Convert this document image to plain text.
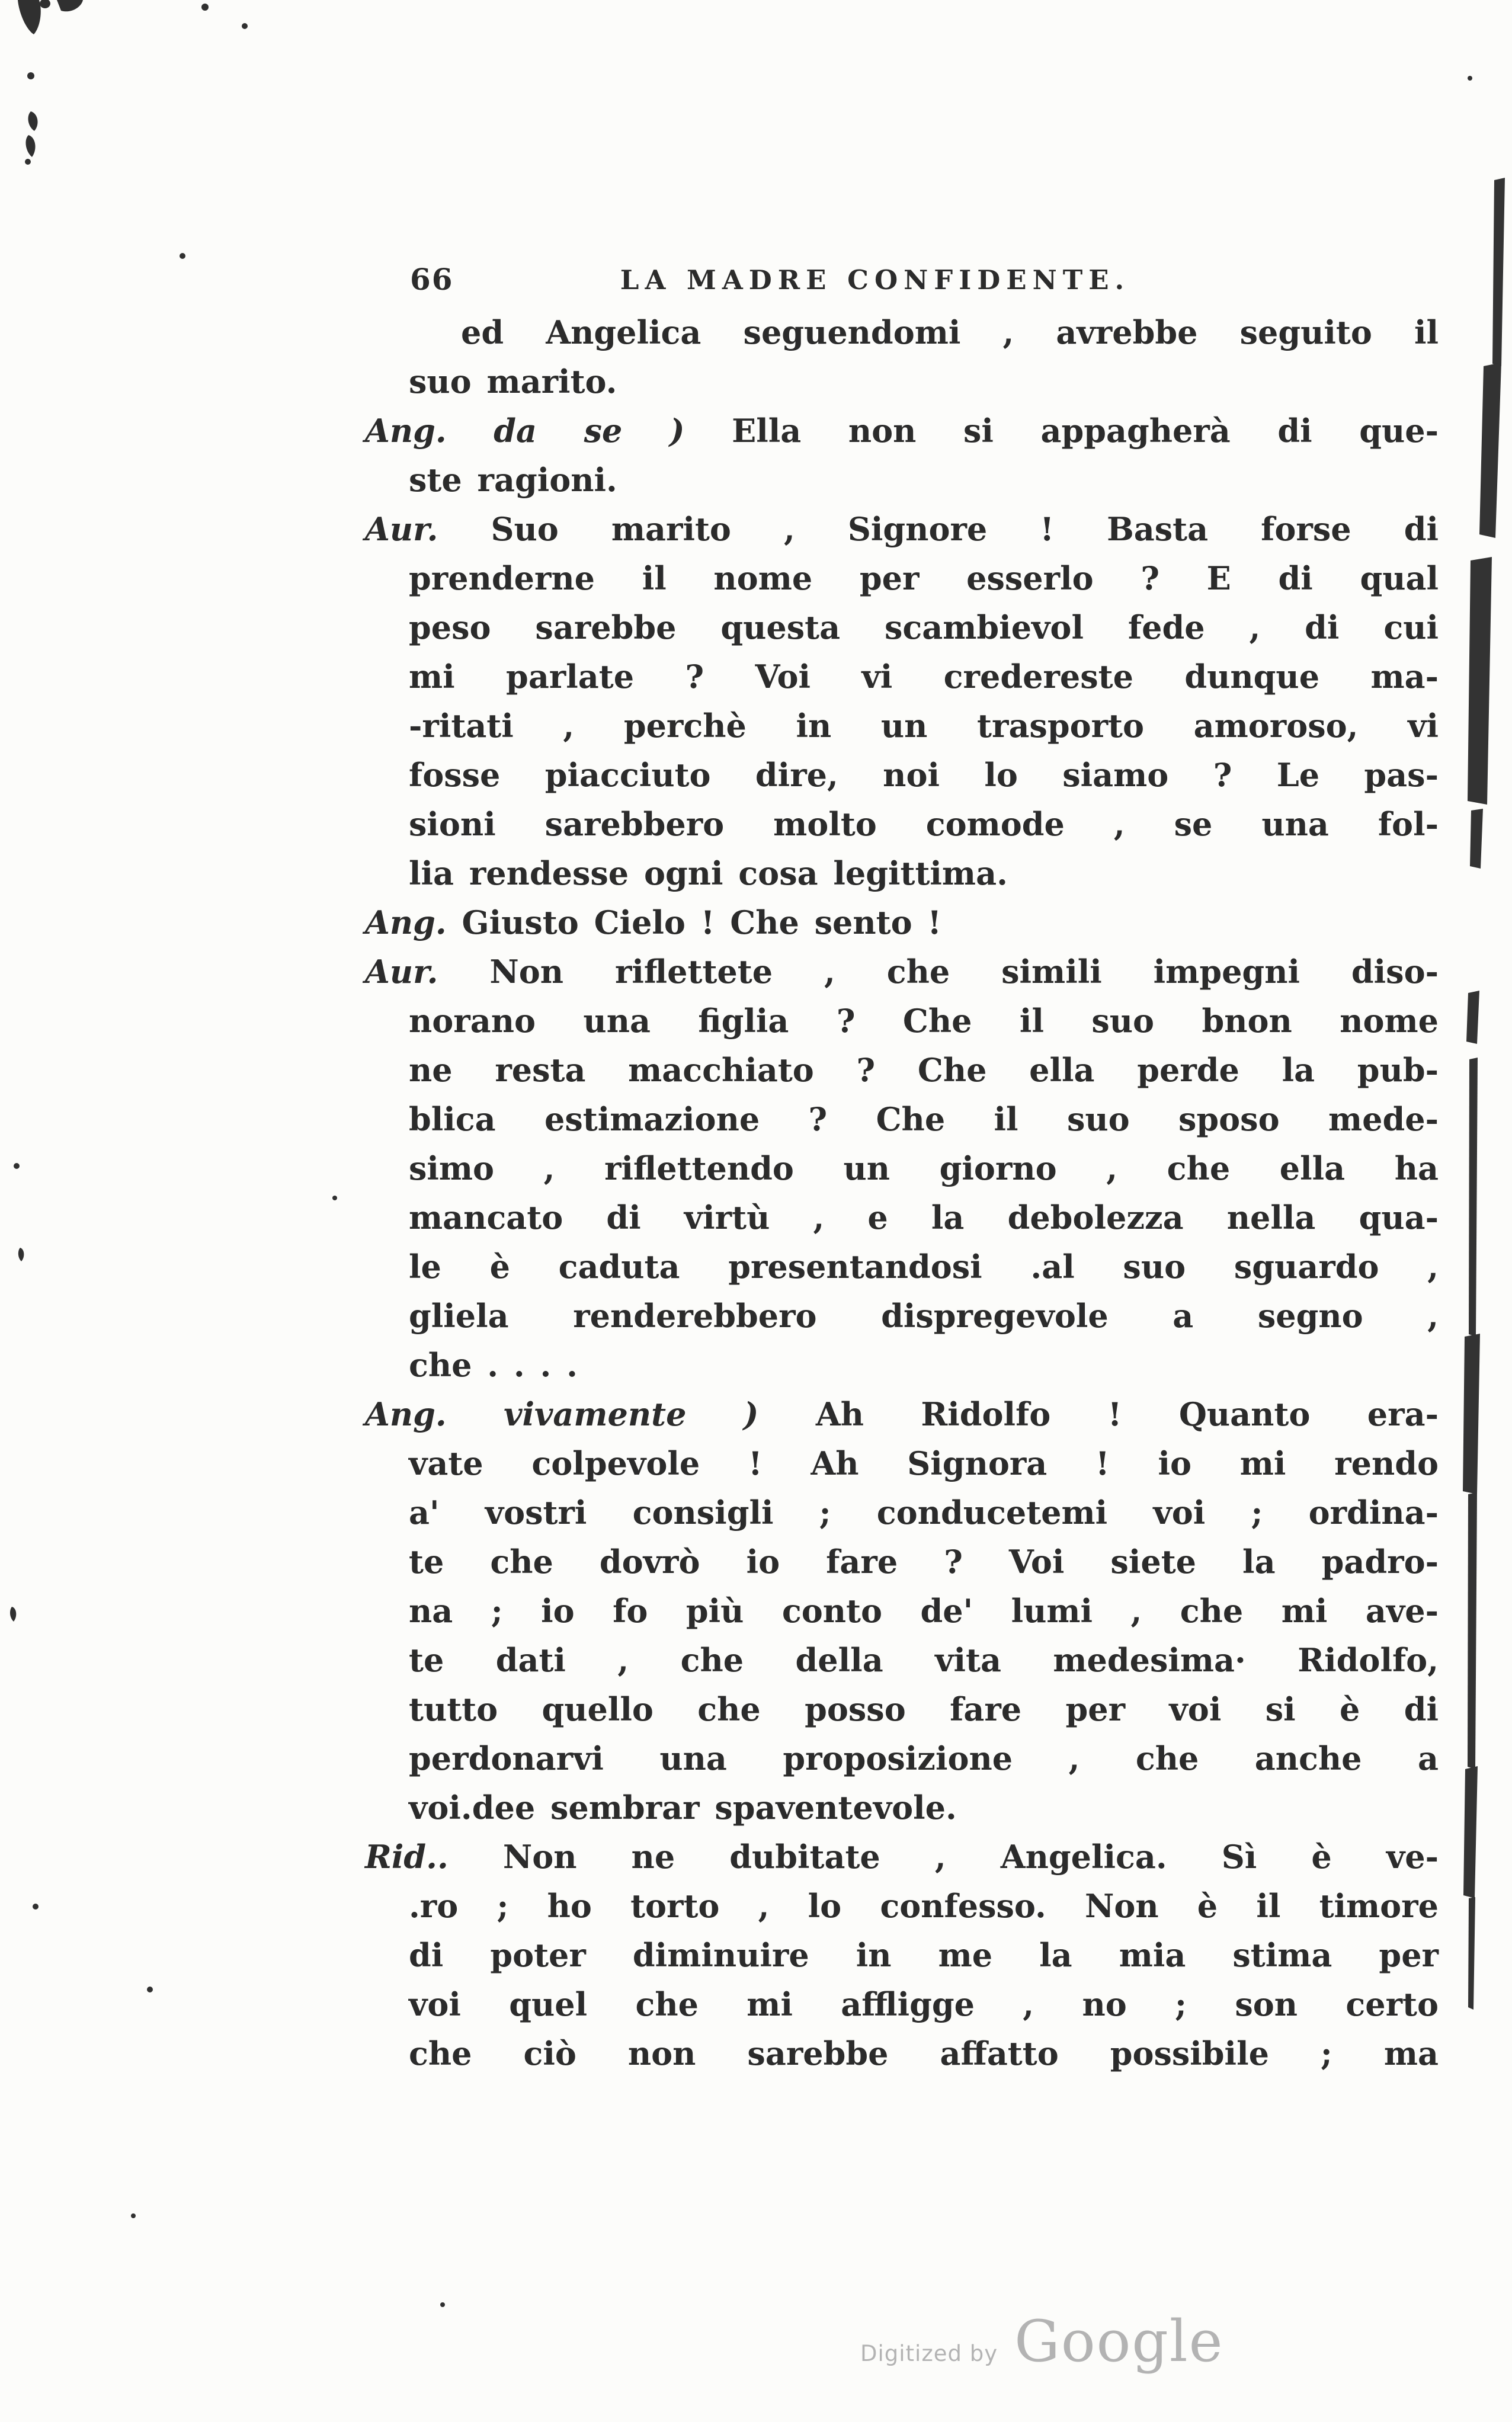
66	LA MADRE CONFIDENTE.
ed Angelica seguendomi , avrebbe seguito il
suo marito.
Ang. da se ) Ella non si appagherà di que-
ste ragioni.
Aur. Suo marito , Signore ! Basta forse di
prenderne il nome per esserlo ? E di qual
peso sarebbe questa scambievol fede , di cui
mi parlate ? Voi vi credereste dunque ma-
-ritati , perchè in un trasporto amoroso, vi
fosse piacciuto dire, noi lo siamo ? Le pas-
sioni sarebbero molto comode , se una fol-
lia rendesse ogni cosa legittima.
Ang. Giusto Cielo ! Che sento !
Aur. Non riflettete , che simili impegni diso-
norano una figlia ? Che il suo bnon nome
ne resta macchiato ? Che ella perde la pub-
blica estimazione ? Che il suo sposo mede-
simo , riflettendo un giorno , che ella ha
mancato di virtù , e la debolezza nella qua-
le è caduta presentandosi .al suo sguardo ,
gliela renderebbero dispregevole a segno ,
che . . . .
Ang. vivamente ) Ah Ridolfo ! Quanto era-
vate colpevole ! Ah Signora ! io mi rendo
a' vostri consigli ; conducetemi voi ; ordina-
te che dovrò io fare ? Voi siete la padro-
na ; io fo più conto de' lumi , che mi ave-
te dati , che della vita medesima· Ridolfo,
tutto quello che posso fare per voi si è di
perdonarvi una proposizione , che anche a
voi.dee sembrar spaventevole.
Rid.. Non ne dubitate , Angelica. Sì è ve-
.ro ; ho torto , lo confesso. Non è il timore
di poter diminuire in me la mia stima per
voi quel che mi affligge , no ; son certo
che ciò non sarebbe affatto possibile ; ma
Digitized by Google
